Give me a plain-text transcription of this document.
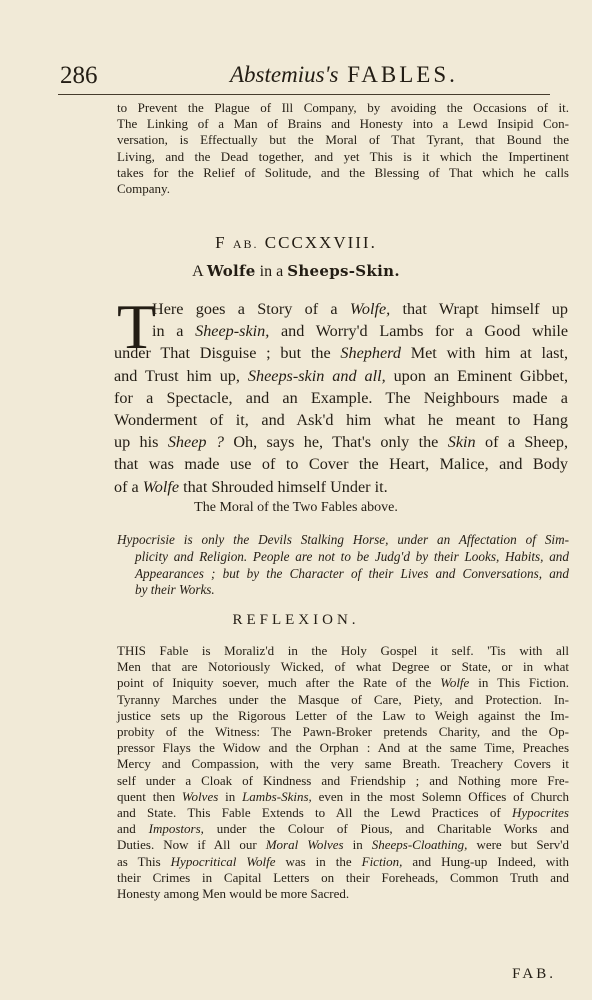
286	Abstemius's FABLES.
to Prevent the Plague of Ill Company, by avoiding the Occasions of it.
The Linking of a Man of Brains and Honesty into a Lewd Insipid Con-
versation, is Effectually but the Moral of That Tyrant, that Bound the
Living, and the Dead together, and yet This is it which the Impertinent
takes for the Relief of Solitude, and the Blessing of That which he calls
Company.
F AB. CCCXXVIII.
A Wolfe in a Sheeps-Skin.
T
Here goes a Story of a Wolfe, that Wrapt himself up
in a Sheep-skin, and Worry'd Lambs for a Good while
under That Disguise ; but the Shepherd Met with him at last,
and Trust him up, Sheeps-skin and all, upon an Eminent Gibbet,
for a Spectacle, and an Example. The Neighbours made a
Wonderment of it, and Ask'd him what he meant to Hang
up his Sheep ? Oh, says he, That's only the Skin of a Sheep,
that was made use of to Cover the Heart, Malice, and Body
of a Wolfe that Shrouded himself Under it.
The Moral of the Two Fables above.
Hypocrisie is only the Devils Stalking Horse, under an Affectation of Sim-
plicity and Religion. People are not to be Judg'd by their Looks, Habits, and
Appearances ; but by the Character of their Lives and Conversations, and
by their Works.
REFLEXION.
THIS Fable is Moraliz'd in the Holy Gospel it self. 'Tis with all
Men that are Notoriously Wicked, of what Degree or State, or in what
point of Iniquity soever, much after the Rate of the Wolfe in This Fiction.
Tyranny Marches under the Masque of Care, Piety, and Protection. In-
justice sets up the Rigorous Letter of the Law to Weigh against the Im-
probity of the Witness: The Pawn-Broker pretends Charity, and the Op-
pressor Flays the Widow and the Orphan : And at the same Time, Preaches
Mercy and Compassion, with the very same Breath. Treachery Covers it
self under a Cloak of Kindness and Friendship ; and Nothing more Fre-
quent then Wolves in Lambs-Skins, even in the most Solemn Offices of Church
and State. This Fable Extends to All the Lewd Practices of Hypocrites
and Impostors, under the Colour of Pious, and Charitable Works and
Duties. Now if All our Moral Wolves in Sheeps-Cloathing, were but Serv'd
as This Hypocritical Wolfe was in the Fiction, and Hung-up Indeed, with
their Crimes in Capital Letters on their Foreheads, Common Truth and
Honesty among Men would be more Sacred.
FAB.
